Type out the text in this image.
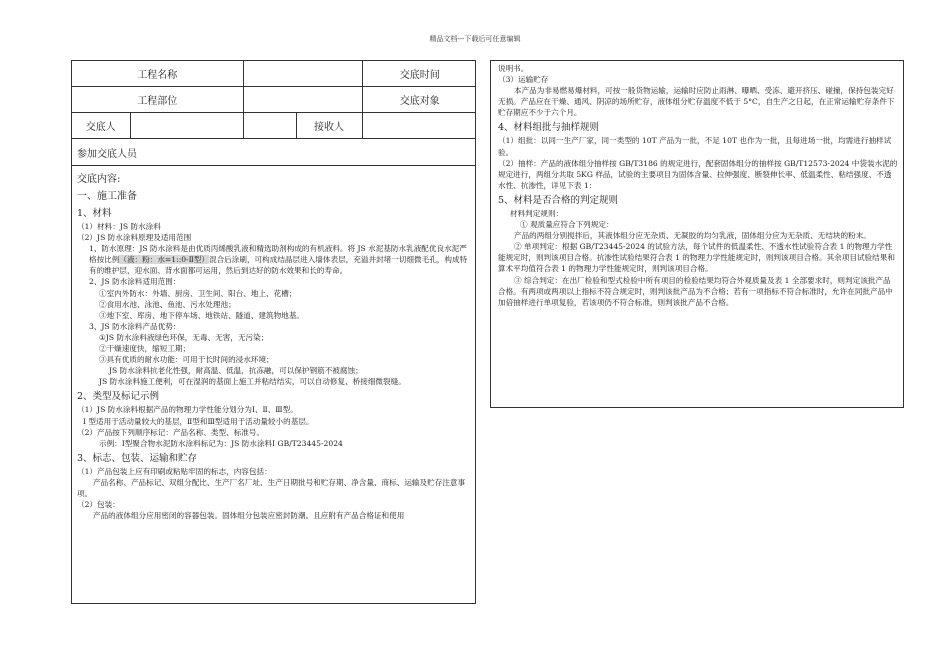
精品文档---下载后可任意编辑
工程名称				交底时间
工程部位				交底对象
交底人			接收人	
参加交底人员

交底内容:

一、施工准备

1、材料

（1）材料：JS 防水涂料

（2）JS 防水涂料原理及适用范围

1、防水原理：JS 防水涂料是由优质丙烯酸乳液和精选助剂构成的有机液料。将 JS 水泥基防水乳液配优良水泥严格按比例（液：粉：水=1::0-Ⅱ型）混合后涂刷，可构成结晶层进入墙体表层，充溢并封堵一切细微毛孔，构成特有的维护层，迎水面、背水面都可运用，然后到达好的防水效果和长的寿命。

2、JS 防水涂料适用范围：

①室内外防水：外墙、厨房、卫生间、阳台、地上、花槽；

②食用水池、泳池、鱼池、污水处理池；

③地下室、库房、地下停车场、地铁站、隧道、建筑物地基。

3、JS 防水涂料产品优势：

①JS 防水涂料液绿色环保，无毒、无害，无污染；

②干燥速度快，缩短工期；

③具有优质的耐水功能：可用于长时间的浸水环境；

JS 防水涂料抗老化性强，耐高温、低温，抗冻融，可以保护钢筋不被腐蚀；

JS 防水涂料施工便利，可在湿润的基面上施工并粘结结实，可以自动修复、桥接细微裂缝。

2、类型及标记示例

（1）JS 防水涂料根据产品的物理力学性能分划分为Ⅰ、Ⅱ、Ⅲ型。

Ⅰ 型适用于活动量较大的基层，Ⅱ型和Ⅲ型适用于活动量较小的基层。

（2）产品按下列顺序标记：产品名称、类型、标准号。

示例：Ⅰ型聚合物水泥防水涂料标记为：JS 防水涂料Ⅰ GB/T23445-2024

3、标志、包装、运输和贮存

（1）产品包装上应有印刷或粘贴牢固的标志，内容包括：

产品名称、产品标记、双组分配比、生产厂名厂址、生产日期批号和贮存期、净含量、商标、运输及贮存注意事项。

（2）包装：

产品的液体组分应用密闭的容器包装。固体组分包装应密封防潮。且应附有产品合格证和使用

说明书。

（3）运输贮存

本产品为非易燃易爆材料，可按一般货物运输，运输时应防止雨淋、曝晒、受冻、避开挤压、碰撞，保持包装完好无损。产品应在干燥、通风、阴凉的场所贮存，液体组分贮存温度不低于 5°C，自生产之日起，在正常运输贮存条件下贮存期应不少于六个月。

4、材料组批与抽样规则

（1）组批：以同一生产厂家，同一类型的 10T 产品为一批，不足 10T 也作为一批，且每进场一批，均需进行抽样试验。

（2）抽样：产品的液体组分抽样按 GB/T3186 的规定进行，配套固体组分的抽样按 GB/T12573-2024 中袋装水泥的规定进行，两组分共取 5KG 样品，试验的主要项目为固体含量、拉伸强度、断裂伸长率、低温柔性、粘结强度、不透水性、抗渗性，详见下表 1：

5、材料是否合格的判定规则

材料判定规则：

① 观质量应符合下列规定：

产品的两组分别搅拌后，其液体组分应无杂质、无凝胶的均匀乳液，固体组分应为无杂质、无结块的粉末。

② 单项判定：根据 GB/T23445-2024 的试验方法，每个试件的低温柔性、不透水性试验符合表 1 的物理力学性能规定时，则判该项目合格。抗渗性试验结果符合表 1 的物理力学性能规定时，则判该项目合格。其余项目试验结果和算术平均值符合表 1 的物理力学性能规定时，则判该项目合格。

③ 综合判定：在出厂检验和型式检验中所有项目的检验结果均符合外观质量及表 1 全部要求时，则判定该批产品合格。有两项或两项以上指标不符合规定时，则判该批产品为不合格；若有一项指标不符合标准时，允许在同批产品中加倍抽样进行单项复验，若该项仍不符合标准，则判该批产品不合格。
